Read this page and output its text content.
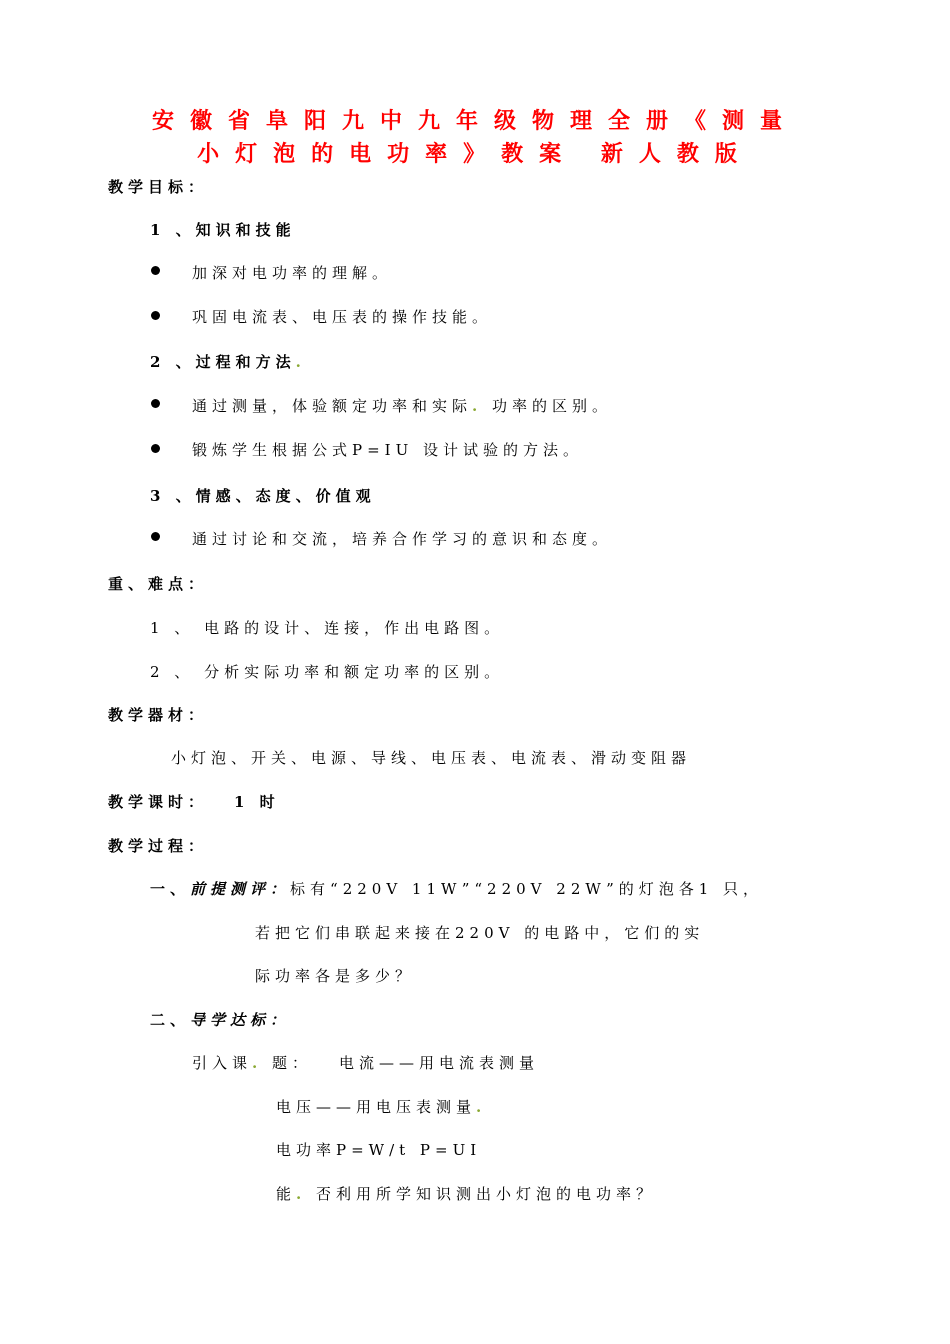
安徽省阜阳九中九年级物理全册《测量
小灯泡的电功率》教案 新人教版
教学目标：
1 、知识和技能
加深对电功率的理解。
巩固电流表、电压表的操作技能。
2 、过程和方法.
通过测量，体验额定功率和实际. 功率的区别。
锻炼学生根据公式P=IU 设计试验的方法。
3 、情感、态度、价值观
通过讨论和交流，培养合作学习的意识和态度。
重、难点：
1 、 电路的设计、连接，作出电路图。
2 、 分析实际功率和额定功率的区别。
教学器材：
小灯泡、开关、电源、导线、电压表、电流表、滑动变阻器
教学课时： 1 时
教学过程：
一、前提测评：标有“220V 11W”“220V 22W”的灯泡各1 只，
若把它们串联起来接在220V 的电路中，它们的实
际功率各是多少？
二、导学达标：
引入课. 题： 电流——用电流表测量
电压——用电压表测量.
电功率P=W/t P=UI
能. 否利用所学知识测出小灯泡的电功率？
